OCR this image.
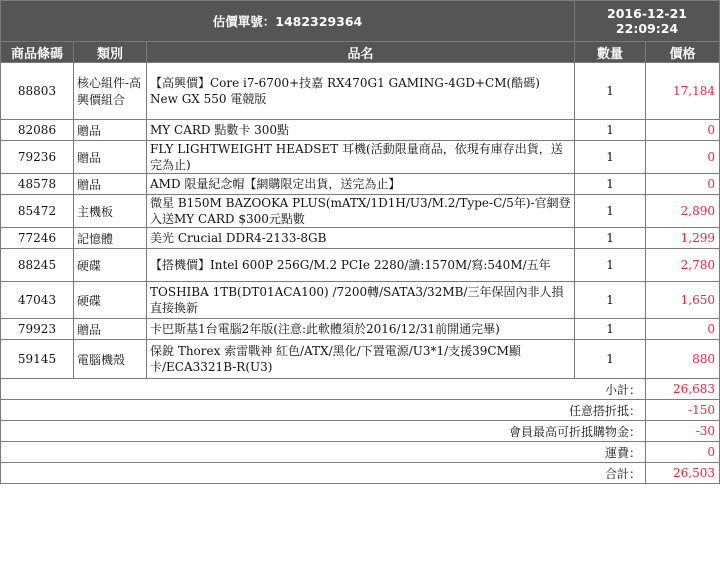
估價單號：1482329364			2016-12-21
22:09:24	

商品條碼	類別	品名	數量	價格
88803	核心組件-高興價組合	【高興價】Core i7-6700+技嘉 RX470G1 GAMING-4GD+CM(酷碼) New GX 550 電競版	1	17,184
82086	贈品	MY CARD 點數卡 300點	1	0
79236	贈品	FLY LIGHTWEIGHT HEADSET 耳機(活動限量商品，依現有庫存出貨，送完為止)	1	0
48578	贈品	AMD 限量紀念帽【網購限定出貨，送完為止】	1	0
85472	主機板	微星 B150M BAZOOKA PLUS(mATX/1D1H/U3/M.2/Type-C/5年)-官網登入送MY CARD $300元點數	1	2,890
77246	記憶體	美光 Crucial DDR4-2133-8GB	1	1,299
88245	硬碟	【搭機價】Intel 600P 256G/M.2 PCIe 2280/讀:1570M/寫:540M/五年	1	2,780
47043	硬碟	TOSHIBA 1TB(DT01ACA100) /7200轉/SATA3/32MB/三年保固內非人損直接換新	1	1,650
79923	贈品	卡巴斯基1台電腦2年版(注意:此軟體須於2016/12/31前開通完畢)	1	0
59145	電腦機殼	保銳 Thorex 索雷戰神 紅色/ATX/黑化/下置電源/U3*1/支援39CM顯卡/ECA3321B-R(U3)	1	880
小計：				26,683
任意搭折抵：				-150
會員最高可折抵購物金：				-30
運費：				0
合計：				26,503
